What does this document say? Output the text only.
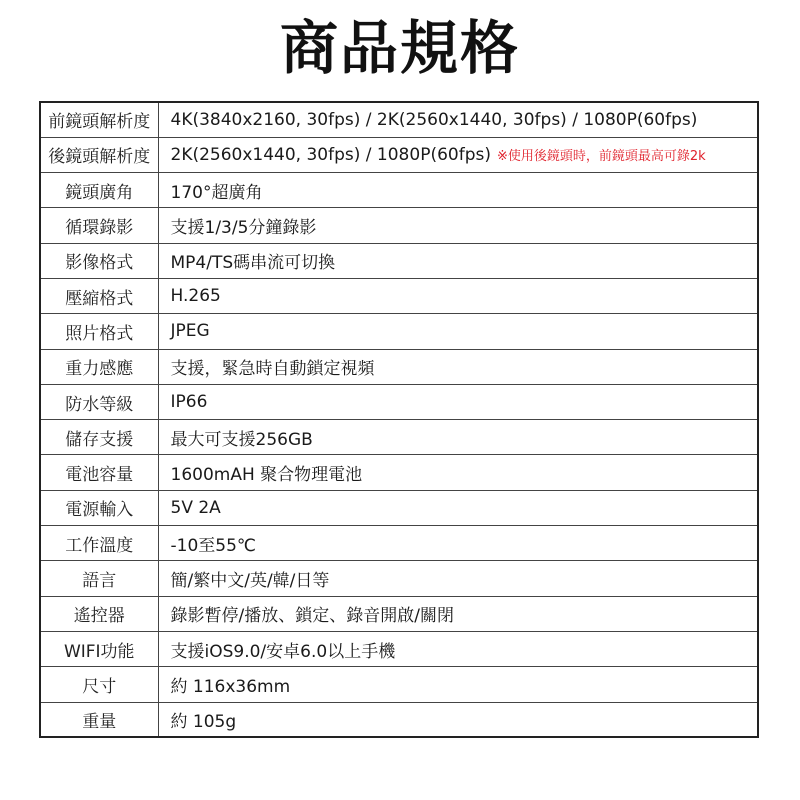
商品規格
前鏡頭解析度	4K(3840x2160, 30fps) / 2K(2560x1440, 30fps) / 1080P(60fps)
後鏡頭解析度	2K(2560x1440, 30fps) / 1080P(60fps) ※使用後鏡頭時，前鏡頭最高可錄2k
鏡頭廣角	170°超廣角
循環錄影	支援1/3/5分鐘錄影
影像格式	MP4/TS碼串流可切換
壓縮格式	H.265
照片格式	JPEG
重力感應	支援，緊急時自動鎖定視頻
防水等級	IP66
儲存支援	最大可支援256GB
電池容量	1600mAH 聚合物理電池
電源輸入	5V 2A
工作溫度	-10至55℃
語言	簡/繁中文/英/韓/日等
遙控器	錄影暫停/播放、鎖定、錄音開啟/關閉
WIFI功能	支援iOS9.0/安卓6.0以上手機
尺寸	約 116x36mm
重量	約 105g
